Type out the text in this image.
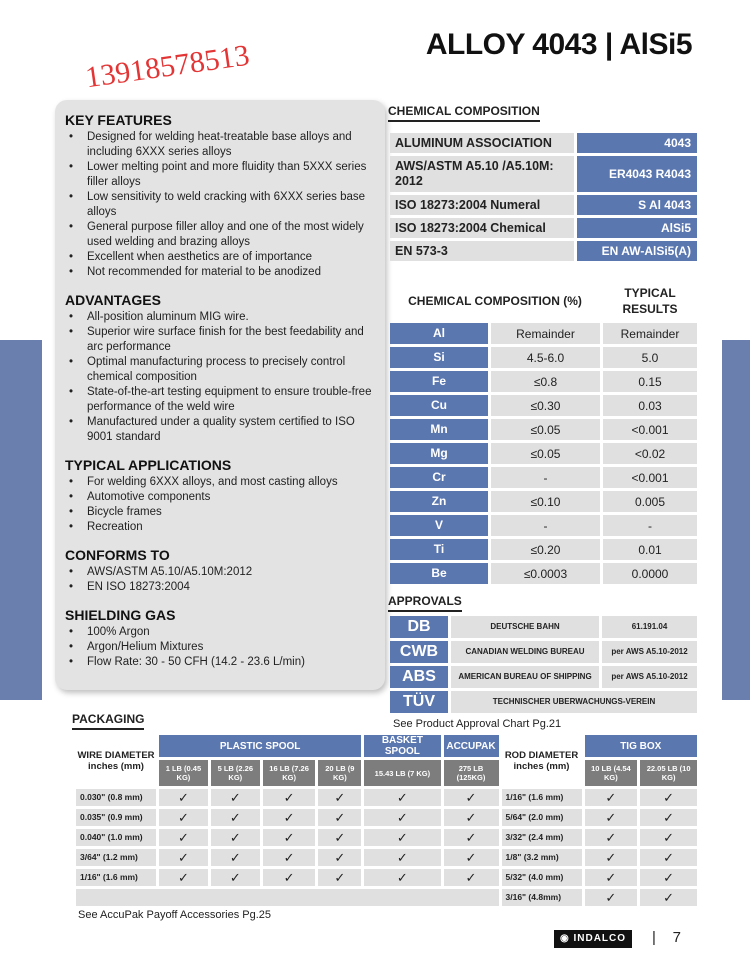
ALLOY 4043 | AlSi5
13918578513
KEY FEATURES
• Designed for welding heat-treatable base alloys and including 6XXX series alloys
• Lower melting point and more fluidity than 5XXX series filler alloys
• Low sensitivity to weld cracking with 6XXX series base alloys
• General purpose filler alloy and one of the most widely used welding and brazing alloys
• Excellent when aesthetics are of importance
• Not recommended for material to be anodized
ADVANTAGES
• All-position aluminum MIG wire.
• Superior wire surface finish for the best feedability and arc performance
• Optimal manufacturing process to precisely control chemical composition
• State-of-the-art testing equipment to ensure trouble-free performance of the weld wire
• Manufactured under a quality system certified to ISO 9001 standard
TYPICAL APPLICATIONS
• For welding 6XXX alloys, and most casting alloys
• Automotive components
• Bicycle frames
• Recreation
CONFORMS TO
• AWS/ASTM A5.10/A5.10M:2012
• EN ISO 18273:2004
SHIELDING GAS
• 100% Argon
• Argon/Helium Mixtures
• Flow Rate: 30 - 50 CFH (14.2 - 23.6 L/min)
CHEMICAL COMPOSITION
ALUMINUM ASSOCIATION	4043
AWS/ASTM A5.10 /A5.10M: 2012	ER4043 R4043
ISO 18273:2004 Numeral	S Al 4043
ISO 18273:2004 Chemical	AlSi5
EN 573-3	EN AW-AlSi5(A)
CHEMICAL COMPOSITION (%)		TYPICAL RESULTS
Al	Remainder	Remainder
Si	4.5-6.0	5.0
Fe	≤0.8	0.15
Cu	≤0.30	0.03
Mn	≤0.05	<0.001
Mg	≤0.05	<0.02
Cr	-	<0.001
Zn	≤0.10	0.005
V	-	-
Ti	≤0.20	0.01
Be	≤0.0003	0.0000
APPROVALS
DB	DEUTSCHE BAHN	61.191.04
CWB	CANADIAN WELDING BUREAU	per AWS A5.10-2012
ABS	AMERICAN BUREAU OF SHIPPING	per AWS A5.10-2012
TÜV	TECHNISCHER UBERWACHUNGS-VEREIN	
See Product Approval Chart Pg.21
PACKAGING
WIRE DIAMETER inches (mm)	PLASTIC SPOOL				BASKET SPOOL	ACCUPAK	ROD DIAMETER inches (mm)	TIG BOX	
	1 LB (0.45 KG)	5 LB (2.26 KG)	16 LB (7.26 KG)	20 LB (9 KG)	15.43 LB (7 KG)	275 LB (125KG)		10 LB (4.54 KG)	22.05 LB (10 KG)
0.030" (0.8 mm)	✓	✓	✓	✓	✓	✓	1/16" (1.6 mm)	✓	✓
0.035" (0.9 mm)	✓	✓	✓	✓	✓	✓	5/64" (2.0 mm)	✓	✓
0.040" (1.0 mm)	✓	✓	✓	✓	✓	✓	3/32" (2.4 mm)	✓	✓
3/64" (1.2 mm)	✓	✓	✓	✓	✓	✓	1/8" (3.2 mm)	✓	✓
1/16" (1.6 mm)	✓	✓	✓	✓	✓	✓	5/32" (4.0 mm)	✓	✓
							3/16" (4.8mm)	✓	✓
See AccuPak Payoff Accessories Pg.25
◉ INDALCO	|    7
